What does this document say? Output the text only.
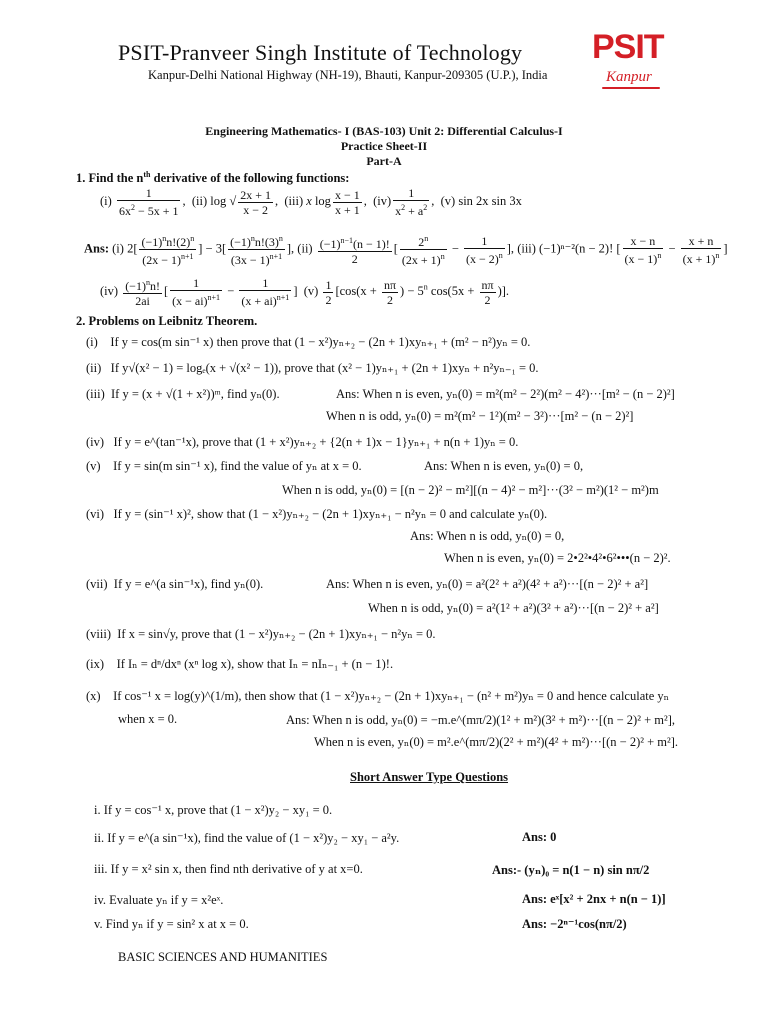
PSIT-Pranveer Singh Institute of Technology
Kanpur-Delhi National Highway (NH-19), Bhauti, Kanpur-209305 (U.P.), India
PSIT
Kanpur
Engineering Mathematics- I (BAS-103) Unit 2: Differential Calculus-I
Practice Sheet-II
Part-A
1. Find the $n^{th}$ derivative of the following functions:
$(i) \frac{1}{6x^2 - 5x + 1}$ ,  (ii) log √ $\frac{2x + 1}{x - 2}$ ,  (iii) x $\log \frac{x - 1}{x + 1}$ ,  $(iv) \frac{1}{x^2 + a^2}$ ,  (v) sin 2x sin 3x
Ans: (i) $2[ \frac{(-1)^nn!(2)^n}{(2x - 1)^{n+1}}$ ] − $3[ \frac{(-1)^nn!(3)^n}{(3x - 1)^{n+1}}$ ], $(ii) \frac{(-1)^{n-1}(n - 1)!}{2}$ [ $\frac{2^n}{(2x + 1)^n} - \frac{1}{(x - 2)^n}$ ], (iii) (−1)ⁿ⁻²(n − 2)! [ $\frac{x - n}{(x - 1)^n} - \frac{x + n}{(x + 1)^n}$ ]
$(iv) \frac{(-1)^nn!}{2ai}$ [ $\frac{1}{(x - ai)^{n+1}} - \frac{1}{(x + ai)^{n+1}}$ ]  $(v) \frac{1}{2} [\cos(x + \frac{n\pi}{2}$ ) − $5^n$ $\cos(5x + \frac{n\pi}{2}$ )].
2. Problems on Leibnitz Theorem.
(i) If y = cos(m sin⁻¹ x) then prove that (1 − x²)yₙ₊₂ − (2n + 1)xyₙ₊₁ + (m² − n²)yₙ = 0.
(ii) If y√(x² − 1) = logₑ(x + √(x² − 1)), prove that (x² − 1)yₙ₊₁ + (2n + 1)xyₙ + n²yₙ₋₁ = 0.
(iii) If y = (x + √(1 + x²))ᵐ, find yₙ(0).	Ans: When n is even, yₙ(0) = m²(m² − 2²)(m² − 4²)···[m² − (n − 2)²]
When n is odd, yₙ(0) = m²(m² − 1²)(m² − 3²)···[m² − (n − 2)²]
(iv) If y = e^(tan⁻¹x), prove that (1 + x²)yₙ₊₂ + {2(n + 1)x − 1}yₙ₊₁ + n(n + 1)yₙ = 0.
(v) If y = sin(m sin⁻¹ x), find the value of yₙ at x = 0.	Ans: When n is even, yₙ(0) = 0,
When n is odd, yₙ(0) = [(n − 2)² − m²][(n − 4)² − m²]···(3² − m²)(1² − m²)m
(vi) If y = (sin⁻¹ x)², show that (1 − x²)yₙ₊₂ − (2n + 1)xyₙ₊₁ − n²yₙ = 0 and calculate yₙ(0).
Ans: When n is odd, yₙ(0) = 0,
When n is even, yₙ(0) = 2•2²•4²•6²•••(n − 2)².
(vii) If y = e^(a sin⁻¹x), find yₙ(0).	Ans: When n is even, yₙ(0) = a²(2² + a²)(4² + a²)···[(n − 2)² + a²]
When n is odd, yₙ(0) = a²(1² + a²)(3² + a²)···[(n − 2)² + a²]
(viii) If x = sin√y, prove that (1 − x²)yₙ₊₂ − (2n + 1)xyₙ₊₁ − n²yₙ = 0.
(ix) If Iₙ = dⁿ/dxⁿ (xⁿ log x), show that Iₙ = nIₙ₋₁ + (n − 1)!.
(x) If cos⁻¹ x = log(y)^(1/m), then show that (1 − x²)yₙ₊₂ − (2n + 1)xyₙ₊₁ − (n² + m²)yₙ = 0 and hence calculate yₙ
when x = 0.	Ans: When n is odd, yₙ(0) = −m.e^(mπ/2)(1² + m²)(3² + m²)···[(n − 2)² + m²],
When n is even, yₙ(0) = m².e^(mπ/2)(2² + m²)(4² + m²)···[(n − 2)² + m²].
Short Answer Type Questions
i. If y = cos⁻¹ x, prove that (1 − x²)y₂ − xy₁ = 0.
ii. If y = e^(a sin⁻¹x), find the value of (1 − x²)y₂ − xy₁ − a²y.	Ans: 0
iii. If y = x² sin x, then find nth derivative of y at x=0.	Ans:- (yₙ)₀ = n(1 − n) sin nπ/2
iv. Evaluate yₙ if y = x²eˣ.	Ans: eˣ[x² + 2nx + n(n − 1)]
v. Find yₙ if y = sin² x at x = 0.	Ans: −2ⁿ⁻¹cos(nπ/2)
BASIC SCIENCES AND HUMANITIES
